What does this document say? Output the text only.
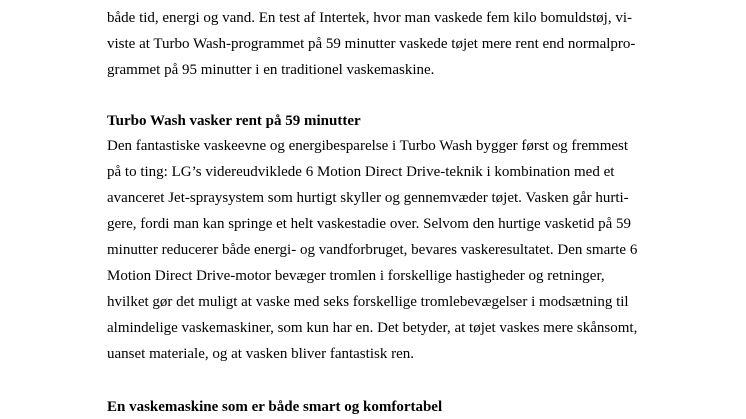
både tid, energi og vand. En test af Intertek, hvor man vaskede fem kilo bomuldstøj, vi-
viste at Turbo Wash-programmet på 59 minutter vaskede tøjet mere rent end normalpro-
grammet på 95 minutter i en traditionel vaskemaskine.
Turbo Wash vasker rent på 59 minutter
Den fantastiske vaskeevne og energibesparelse i Turbo Wash bygger først og fremmest
på to ting: LG’s videreudviklede 6 Motion Direct Drive-teknik i kombination med et
avanceret Jet-spraysystem som hurtigt skyller og gennemvæder tøjet. Vasken går hurti-
gere, fordi man kan springe et helt vaskestadie over. Selvom den hurtige vasketid på 59
minutter reducerer både energi- og vandforbruget, bevares vaskeresultatet. Den smarte 6
Motion Direct Drive-motor bevæger tromlen i forskellige hastigheder og retninger,
hvilket gør det muligt at vaske med seks forskellige tromlebevægelser i modsætning til
almindelige vaskemaskiner, som kun har en. Det betyder, at tøjet vaskes mere skånsomt,
uanset materiale, og at vasken bliver fantastisk ren.
En vaskemaskine som er både smart og komfortabel
